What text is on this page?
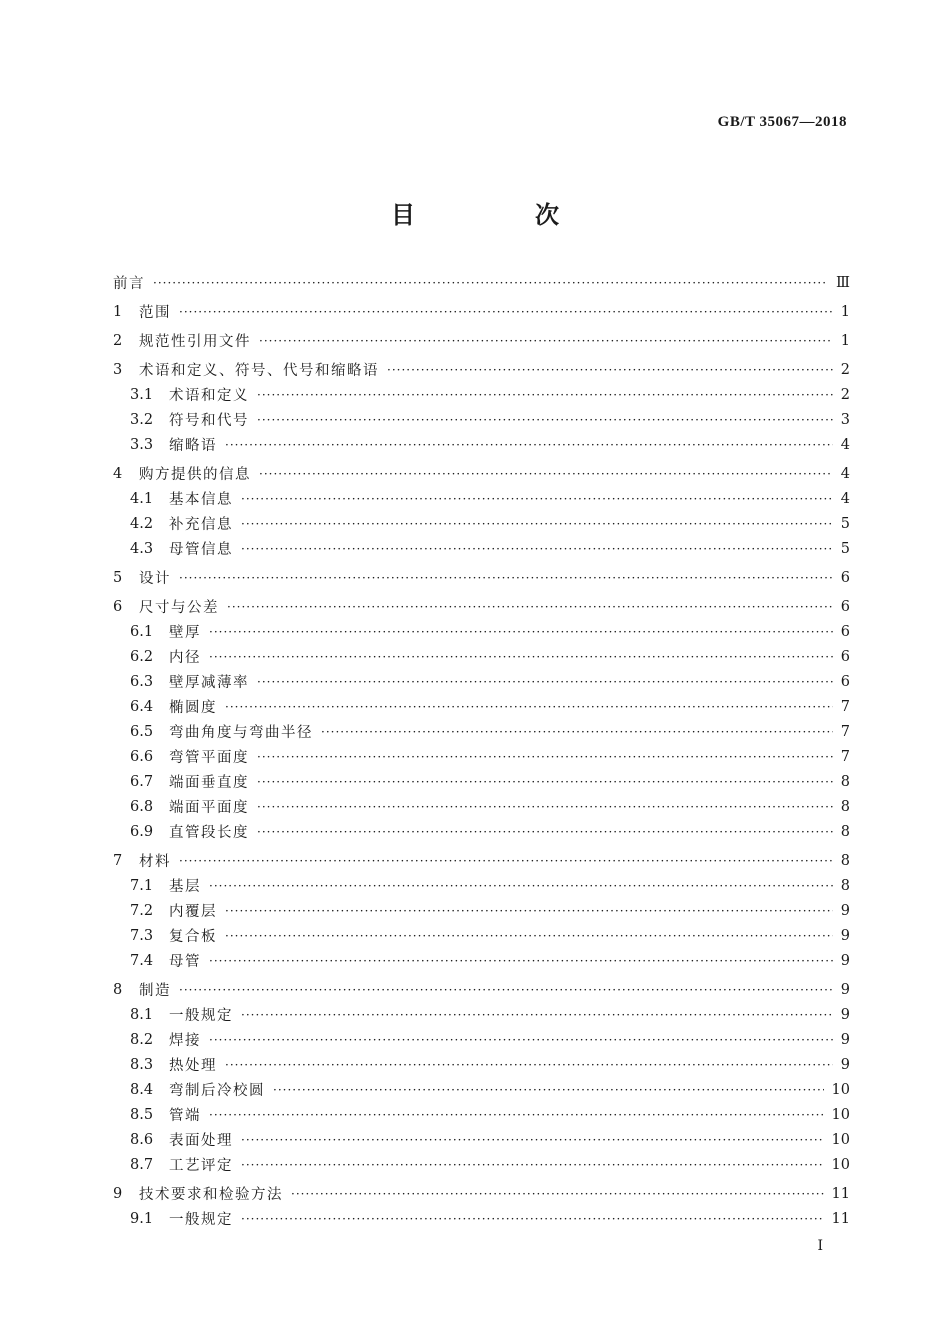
GB/T 35067—2018
目　次
前言 ·····	Ⅲ
1	范围 ·····	1
2	规范性引用文件 ·····	1
3	术语和定义、符号、代号和缩略语 ·····	2
3.1	术语和定义 ·····	2
3.2	符号和代号 ·····	3
3.3	缩略语 ·····	4
4	购方提供的信息 ·····	4
4.1	基本信息 ·····	4
4.2	补充信息 ·····	5
4.3	母管信息 ·····	5
5	设计 ·····	6
6	尺寸与公差 ·····	6
6.1	壁厚 ·····	6
6.2	内径 ·····	6
6.3	壁厚减薄率 ·····	6
6.4	椭圆度 ·····	7
6.5	弯曲角度与弯曲半径 ·····	7
6.6	弯管平面度 ·····	7
6.7	端面垂直度 ·····	8
6.8	端面平面度 ·····	8
6.9	直管段长度 ·····	8
7	材料 ·····	8
7.1	基层 ·····	8
7.2	内覆层 ·····	9
7.3	复合板 ·····	9
7.4	母管 ·····	9
8	制造 ·····	9
8.1	一般规定 ·····	9
8.2	焊接 ·····	9
8.3	热处理 ·····	9
8.4	弯制后冷校圆 ·····	10
8.5	管端 ·····	10
8.6	表面处理 ·····	10
8.7	工艺评定 ·····	10
9	技术要求和检验方法 ·····	11
9.1	一般规定 ·····	11
Ⅰ
